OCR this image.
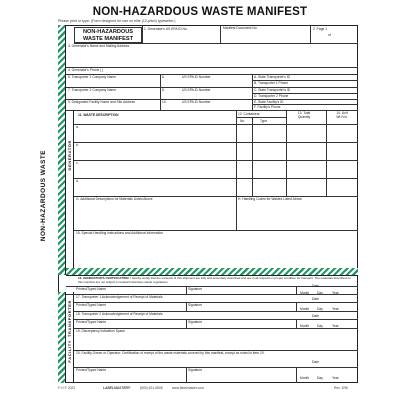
NON-HAZARDOUS WASTE MANIFEST
Please print or type. (Form designed for use on elite (12-pitch) typewriter.)
NON-HAZARDOUS WASTE	GENERATOR
TRANSPORTER
FACILITY
NON-HAZARDOUS
WASTE MANIFEST
1. Generator's US EPA ID No.	Manifest Document No.	2. Page 1
of
3. Generator's Name and Mailing Address
4. Generator's Phone ( )
5. Transporter 1 Company Name	6.	US EPA ID Number	A. State Transporter's ID
B. Transporter 1 Phone
7. Transporter 2 Company Name	8.	US EPA ID Number	C. State Transporter's ID
D. Transporter 2 Phone
9. Designated Facility Name and Site Address	10.	US EPA ID Number	E. State Facility's ID
F. Facility's Phone
11. WASTE DESCRIPTION	12. Containers
No.	Type
13. Total Quantity
14. Unit Wt./Vol.
a.
b.
c.
d.
G. Additional Descriptions for Materials Listed Above	H. Handling Codes for Wastes Listed Above
15. Special Handling Instructions and Additional Information
16. GENERATOR'S CERTIFICATION: I hereby certify that the contents of this shipment are fully and accurately described and are in all respects in proper condition for transport. The materials described on this manifest are not subject to federal hazardous waste regulations.
Date
Printed/Typed Name	Signature
Month Day	Year
17. Transporter 1 Acknowledgement of Receipt of Materials	Date
Printed/Typed Name	Signature
Month Day	Year
18. Transporter 2 Acknowledgement of Receipt of Materials	Date
Printed/Typed Name	Signature
Month Day	Year
19. Discrepancy Indication Space
20. Facility Owner or Operator: Certification of receipt of the waste materials covered by this manifest, except as noted in item 19.
Date
Printed/Typed Name	Signature
Month Day	Year
F-H © 2022	LABELMASTER®	(800) 621-5808	www.labelmaster.com	Rev. 3/96
